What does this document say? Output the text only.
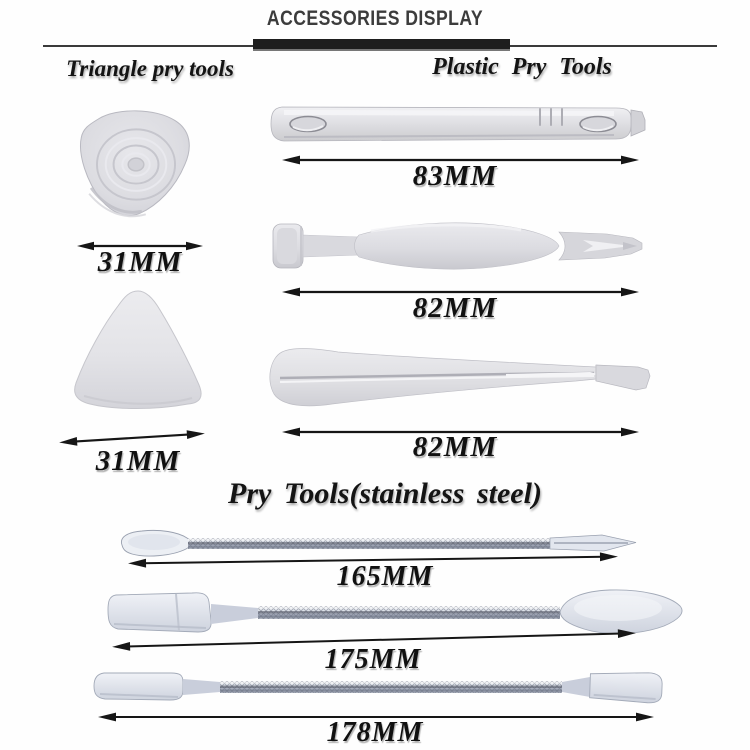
ACCESSORIES DISPLAY
Triangle pry tools	Plastic Pry Tools
31MM
31MM
83MM
82MM
82MM
Pry Tools(stainless steel)
165MM
175MM
178MM
